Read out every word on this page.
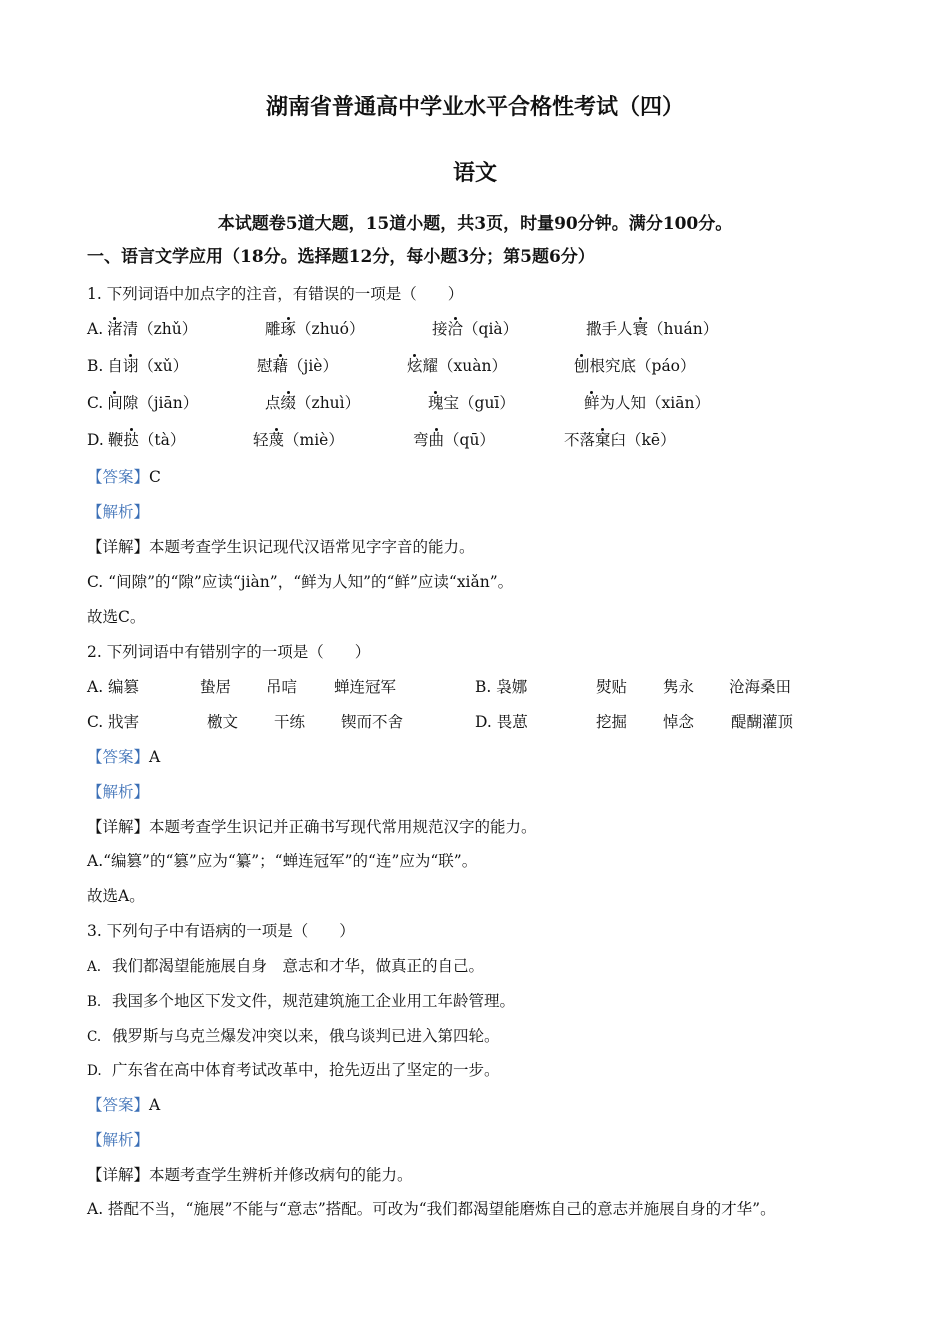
湖南省普通高中学业水平合格性考试（四）
语文
本试题卷5道大题，15道小题，共3页，时量90分钟。满分100分。
一、语言文学应用（18分。选择题12分，每小题3分；第5题6分）
1. 下列词语中加点字的注音，有错误的一项是（　　）
A. 渚清（zhǔ）	雕琢（zhuó）	接洽（qià）	撒手人寰（huán）
B. 自诩（xǔ）	慰藉（jiè）	炫耀（xuàn）	刨根究底（páo）
C. 间隙（jiān）	点缀（zhuì）	瑰宝（guī）	鲜为人知（xiān）
D. 鞭挞（tà）	轻蔑（miè）	弯曲（qū）	不落窠臼（kē）
【答案】C
【解析】
【详解】本题考查学生识记现代汉语常见字字音的能力。
C. “间隙”的“隙”应读“jiàn”，“鲜为人知”的“鲜”应读“xiǎn”。
故选C。
2. 下列词语中有错别字的一项是（　　）
A. 编篡	蛰居 吊唁 蝉连冠军	B. 袅娜	熨贴 隽永 沧海桑田
C. 戕害	檄文 干练 锲而不舍	D. 畏葸	挖掘 悼念 醍醐灌顶
【答案】A
【解析】
【详解】本题考查学生识记并正确书写现代常用规范汉字的能力。
A.“编篡”的“篡”应为“纂”；“蝉连冠军”的“连”应为“联”。
故选A。
3. 下列句子中有语病的一项是（　　）
A. 我们都渴望能施展自身　意志和才华，做真正的自己。
B. 我国多个地区下发文件，规范建筑施工企业用工年龄管理。
C. 俄罗斯与乌克兰爆发冲突以来，俄乌谈判已进入第四轮。
D. 广东省在高中体育考试改革中，抢先迈出了坚定的一步。
【答案】A
【解析】
【详解】本题考查学生辨析并修改病句的能力。
A. 搭配不当，“施展”不能与“意志”搭配。可改为“我们都渴望能磨炼自己的意志并施展自身的才华”。
